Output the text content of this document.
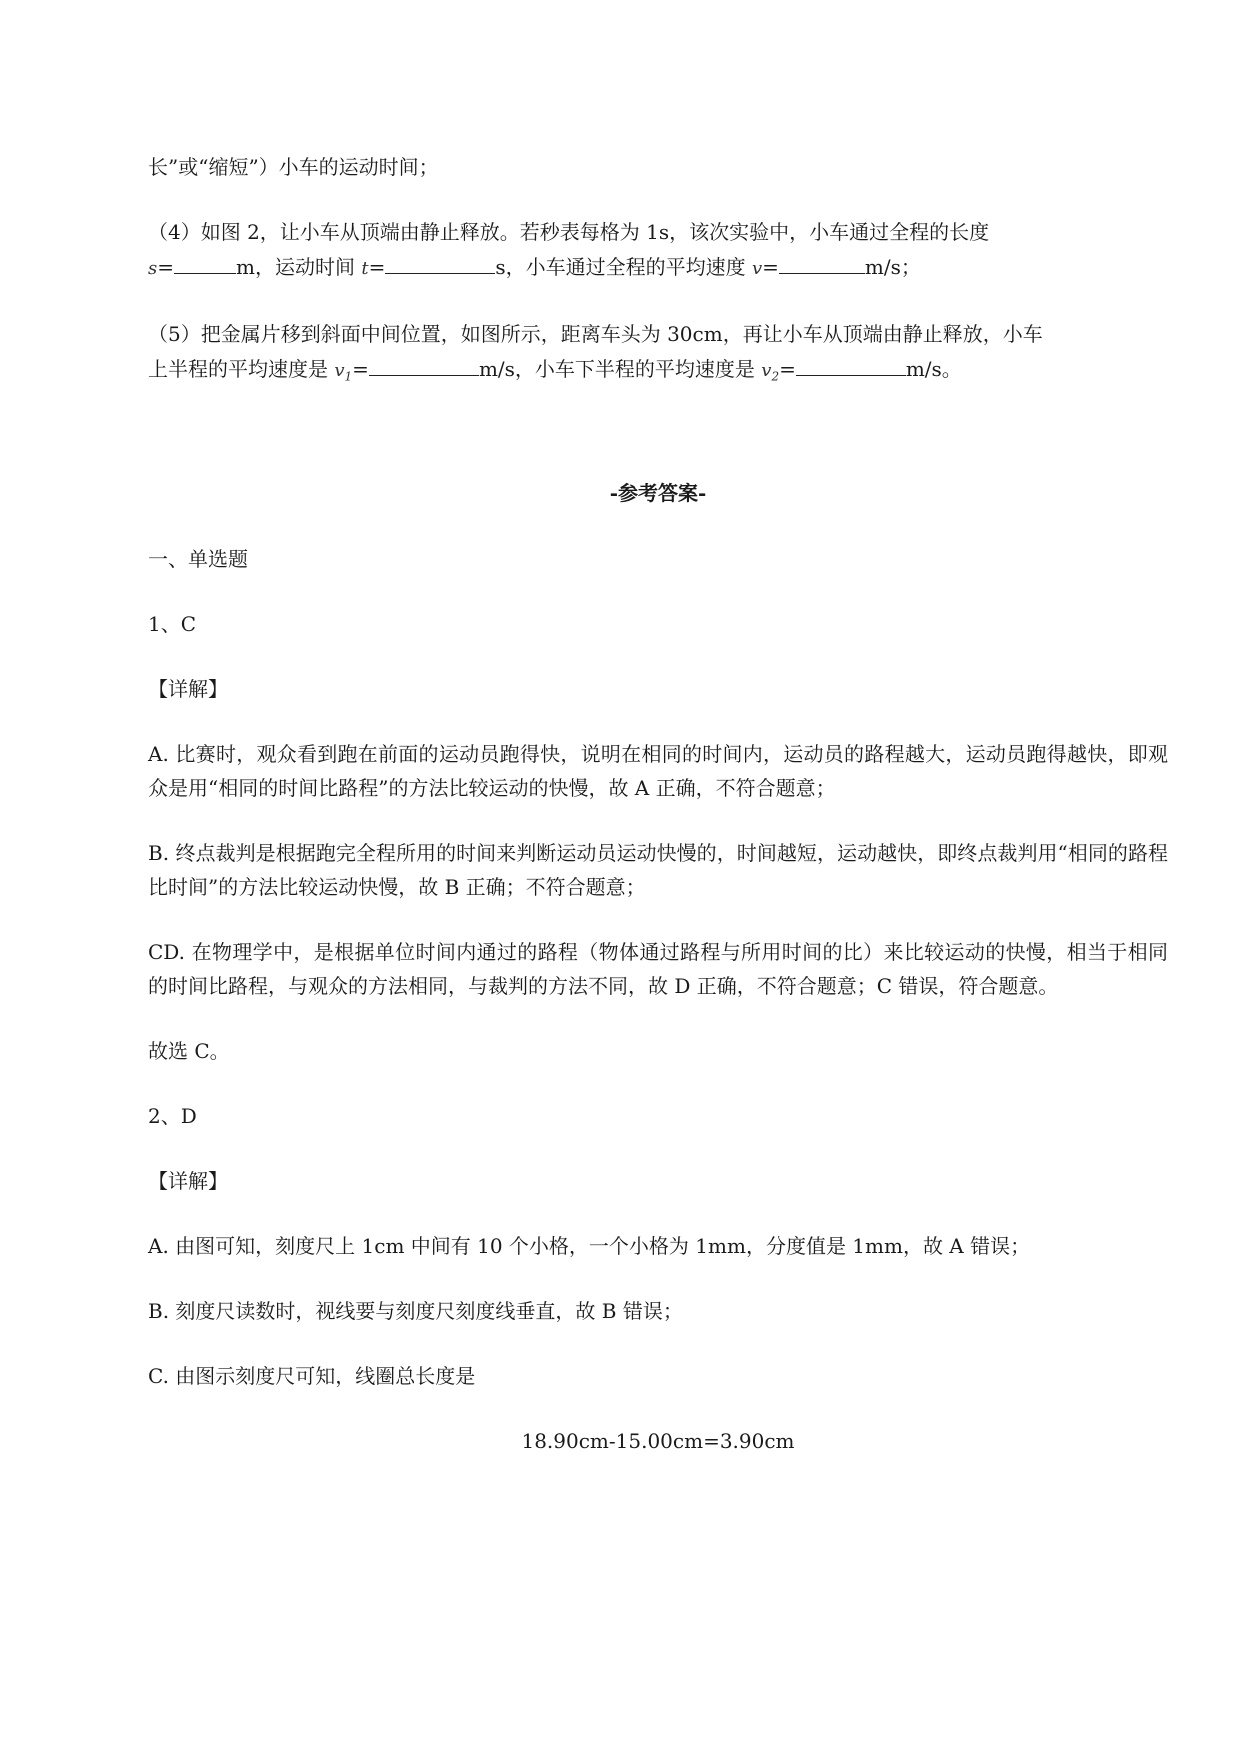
长”或“缩短”）小车的运动时间；

（4）如图 2，让小车从顶端由静止释放。若秒表每格为 1s，该次实验中，小车通过全程的长度
s=	m，运动时间 t=	s，小车通过全程的平均速度 v=	m/s；

（5）把金属片移到斜面中间位置，如图所示，距离车头为 30cm，再让小车从顶端由静止释放，小车
上半程的平均速度是 $v_1=$	m/s，小车下半程的平均速度是 $v_2=$	m/s。

-参考答案-

一、单选题

1、C

【详解】

A. 比赛时，观众看到跑在前面的运动员跑得快，说明在相同的时间内，运动员的路程越大，运动员跑得越快，即观众是用“相同的时间比路程”的方法比较运动的快慢，故 A 正确，不符合题意；

B. 终点裁判是根据跑完全程所用的时间来判断运动员运动快慢的，时间越短，运动越快，即终点裁判用“相同的路程比时间”的方法比较运动快慢，故 B 正确；不符合题意；

CD. 在物理学中，是根据单位时间内通过的路程（物体通过路程与所用时间的比）来比较运动的快慢，相当于相同的时间比路程，与观众的方法相同，与裁判的方法不同，故 D 正确，不符合题意；C 错误，符合题意。

故选 C。

2、D

【详解】

A. 由图可知，刻度尺上 1cm 中间有 10 个小格，一个小格为 1mm，分度值是 1mm，故 A 错误；

B. 刻度尺读数时，视线要与刻度尺刻度线垂直，故 B 错误；

C. 由图示刻度尺可知，线圈总长度是

18.90cm-15.00cm=3.90cm
